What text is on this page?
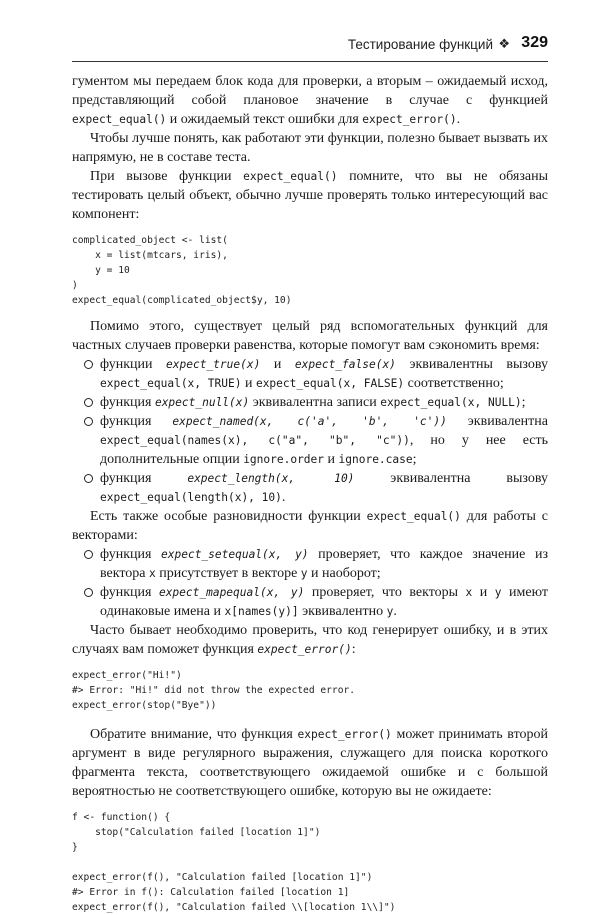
Тестирование функций ❖ 329

гументом мы передаем блок кода для проверки, а вторым – ожидаемый исход, представляющий собой плановое значение в случае с функцией expect_equal() и ожидаемый текст ошибки для expect_error().

Чтобы лучше понять, как работают эти функции, полезно бывает вызвать их напрямую, не в составе теста.

При вызове функции expect_equal() помните, что вы не обязаны тестировать целый объект, обычно лучше проверять только интересующий вас компонент:

complicated_object <- list(
x = list(mtcars, iris),
y = 10
)
expect_equal(complicated_object$y, 10)

Помимо этого, существует целый ряд вспомогательных функций для частных случаев проверки равенства, которые помогут вам сэкономить время:

функции expect_true(x) и expect_false(x) эквивалентны вызову expect_equal(x, TRUE) и expect_equal(x, FALSE) соответственно;
функция expect_null(x) эквивалентна записи expect_equal(x, NULL);
функция expect_named(x, c('a', 'b', 'c')) эквивалентна expect_equal(names(x), c("a", "b", "c")), но у нее есть дополнительные опции ignore.order и ignore.case;
функция expect_length(x, 10) эквивалентна вызову expect_equal(length(x), 10).

Есть также особые разновидности функции expect_equal() для работы с векторами:

функция expect_setequal(x, y) проверяет, что каждое значение из вектора x присутствует в векторе y и наоборот;
функция expect_mapequal(x, y) проверяет, что векторы x и y имеют одинаковые имена и x[names(y)] эквивалентно y.

Часто бывает необходимо проверить, что код генерирует ошибку, и в этих случаях вам поможет функция expect_error():

expect_error("Hi!")
#> Error: "Hi!" did not throw the expected error.
expect_error(stop("Bye"))

Обратите внимание, что функция expect_error() может принимать второй аргумент в виде регулярного выражения, служащего для поиска короткого фрагмента текста, соответствующего ожидаемой ошибке и с большой вероятностью не соответствующего ошибке, которую вы не ожидаете:

f <- function() {
stop("Calculation failed [location 1]")
}

expect_error(f(), "Calculation failed [location 1]")
#> Error in f(): Calculation failed [location 1]
expect_error(f(), "Calculation failed \\[location 1\\]")
